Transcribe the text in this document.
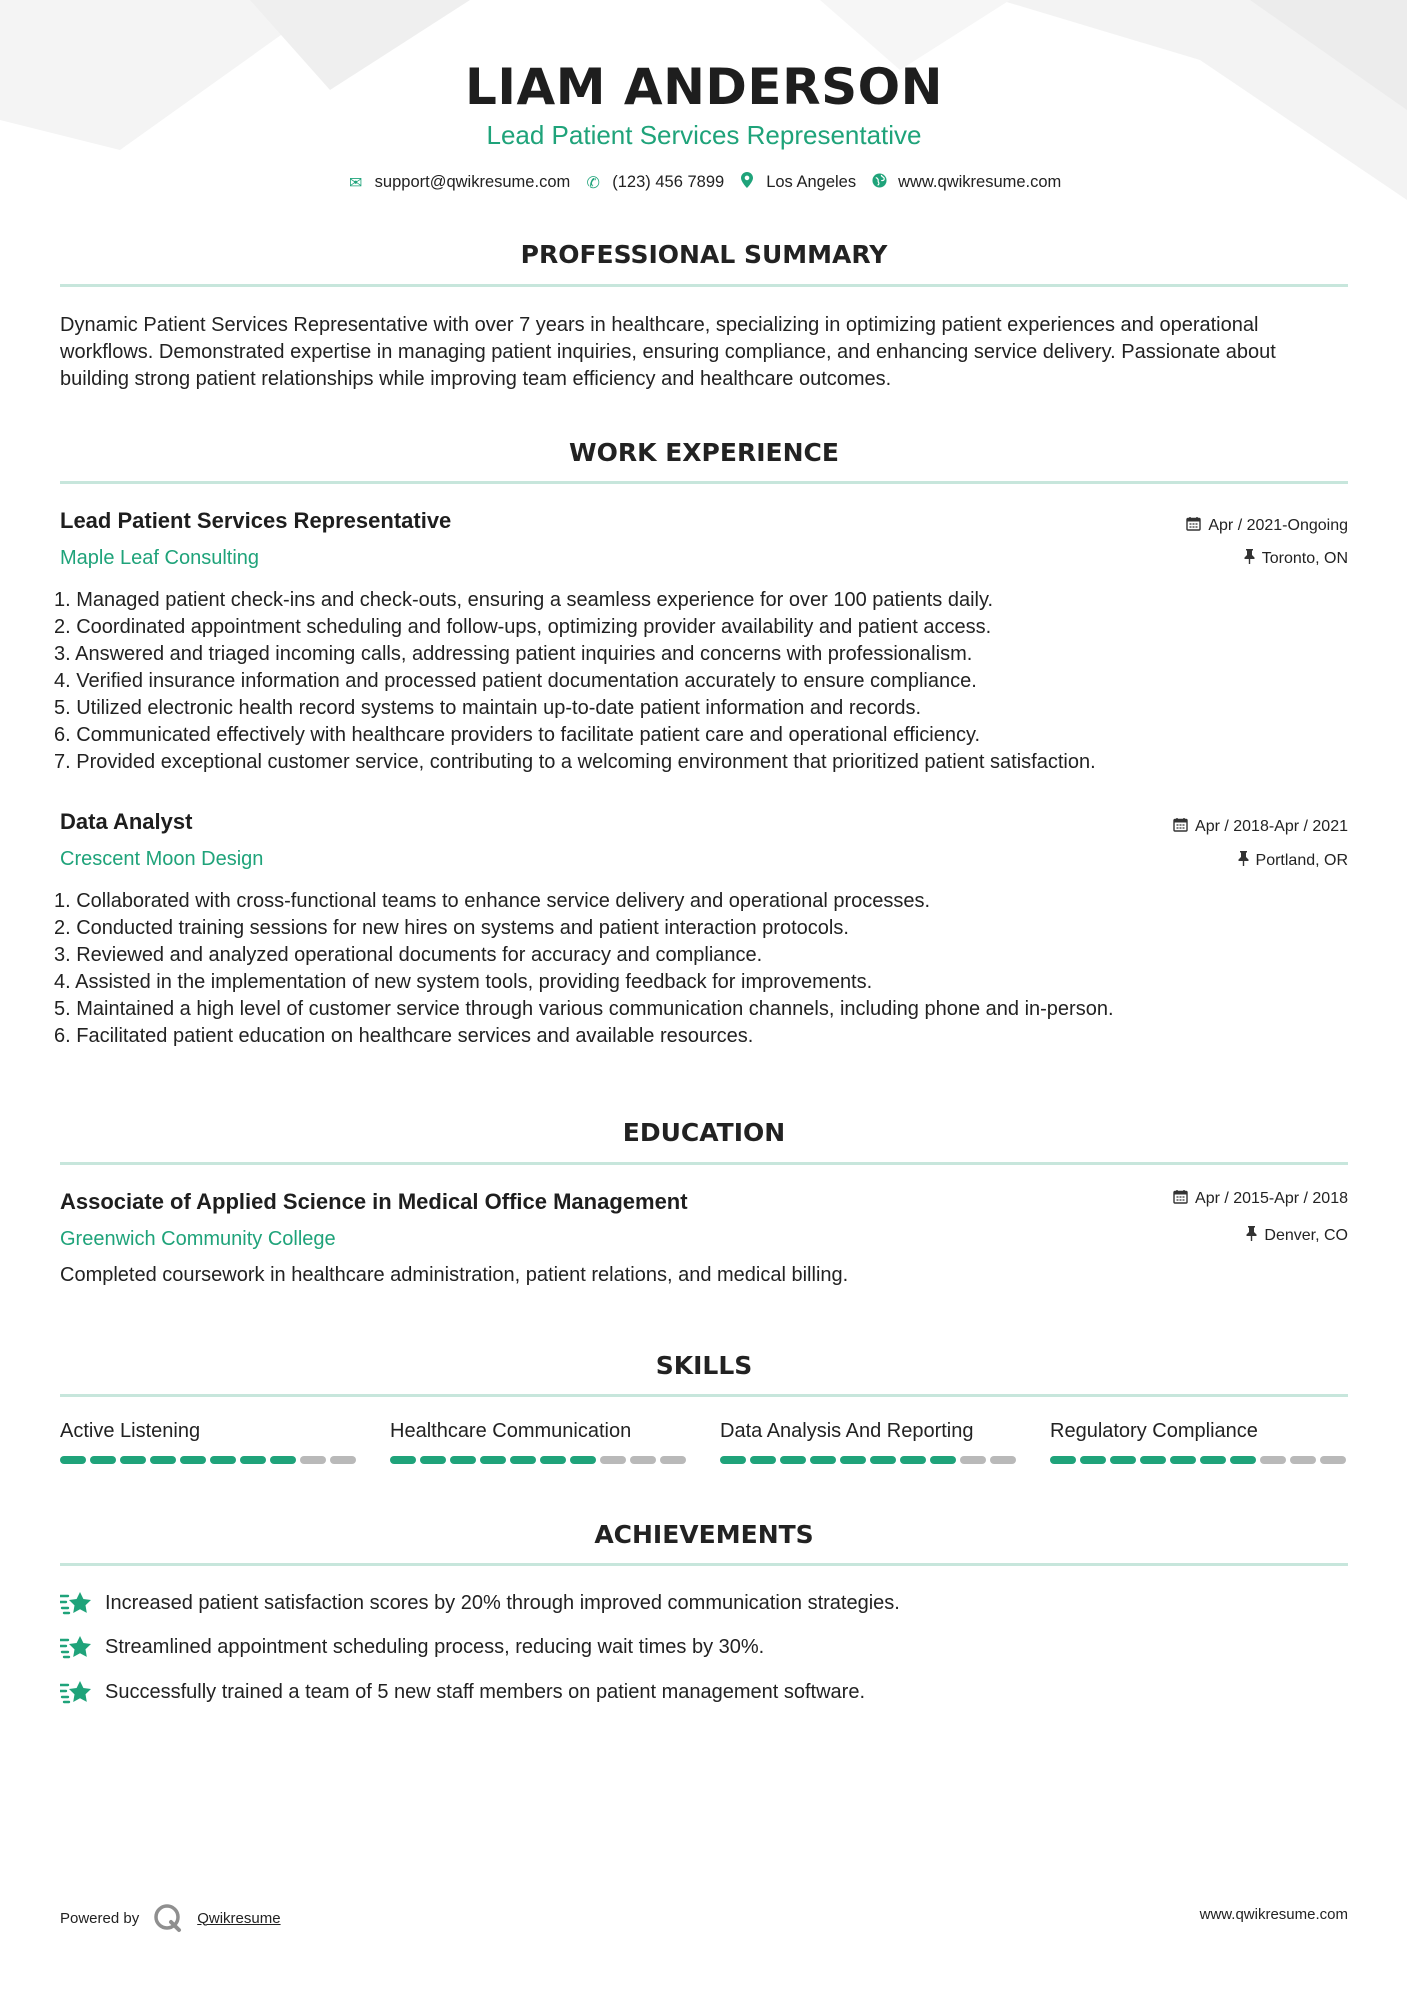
LIAM ANDERSON
Lead Patient Services Representative
✉ support@qwikresume.com ✆ (123) 456 7899	Los Angeles	www.qwikresume.com
PROFESSIONAL SUMMARY
Dynamic Patient Services Representative with over 7 years in healthcare, specializing in optimizing patient experiences and operational workflows. Demonstrated expertise in managing patient inquiries, ensuring compliance, and enhancing service delivery. Passionate about building strong patient relationships while improving team efficiency and healthcare outcomes.
WORK EXPERIENCE
Lead Patient Services Representative	Apr / 2021-Ongoing
Maple Leaf Consulting	Toronto, ON
1. Managed patient check-ins and check-outs, ensuring a seamless experience for over 100 patients daily.
2. Coordinated appointment scheduling and follow-ups, optimizing provider availability and patient access.
3. Answered and triaged incoming calls, addressing patient inquiries and concerns with professionalism.
4. Verified insurance information and processed patient documentation accurately to ensure compliance.
5. Utilized electronic health record systems to maintain up-to-date patient information and records.
6. Communicated effectively with healthcare providers to facilitate patient care and operational efficiency.
7. Provided exceptional customer service, contributing to a welcoming environment that prioritized patient satisfaction.
Data Analyst	Apr / 2018-Apr / 2021
Crescent Moon Design	Portland, OR
1. Collaborated with cross-functional teams to enhance service delivery and operational processes.
2. Conducted training sessions for new hires on systems and patient interaction protocols.
3. Reviewed and analyzed operational documents for accuracy and compliance.
4. Assisted in the implementation of new system tools, providing feedback for improvements.
5. Maintained a high level of customer service through various communication channels, including phone and in-person.
6. Facilitated patient education on healthcare services and available resources.
EDUCATION
Associate of Applied Science in Medical Office Management	Apr / 2015-Apr / 2018
Greenwich Community College	Denver, CO
Completed coursework in healthcare administration, patient relations, and medical billing.
SKILLS
Active Listening	Healthcare Communication	Data Analysis And Reporting	Regulatory Compliance
ACHIEVEMENTS
Increased patient satisfaction scores by 20% through improved communication strategies.
Streamlined appointment scheduling process, reducing wait times by 30%.
Successfully trained a team of 5 new staff members on patient management software.
Powered by	Qwikresume	www.qwikresume.com
